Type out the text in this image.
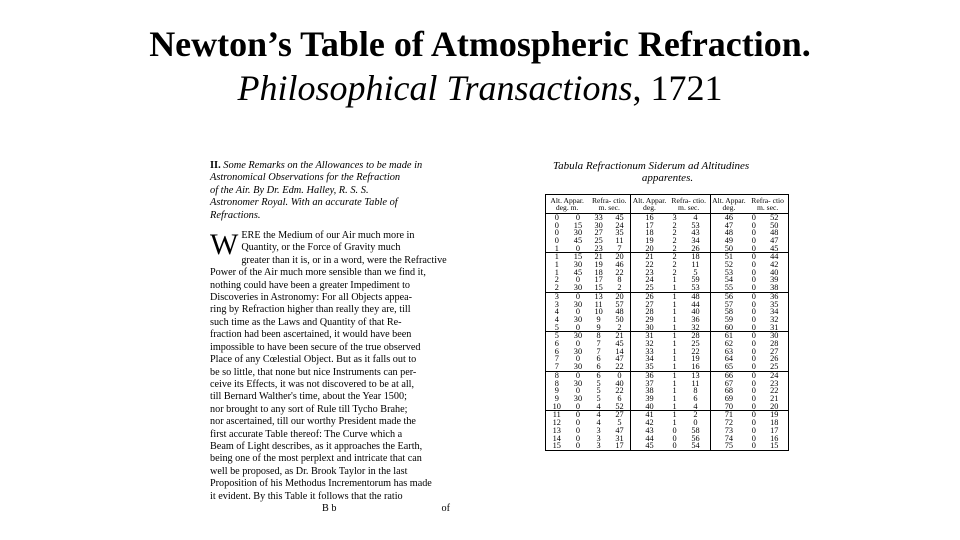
Newton’s Table of Atmospheric Refraction.
Philosophical Transactions, 1721
II. Some Remarks on the Allowances to be made in
Astronomical Observations for the Refraction
of the Air. By Dr. Edm. Halley, R. S. S.
Astronomer Royal. With an accurate Table of
Refractions.
W ERE the Medium of our Air much more in

Quantity, or the Force of Gravity much

greater than it is, or in a word, were the Refractive

Power of the Air much more sensible than we find it,

nothing could have been a greater Impediment to

Discoveries in Astronomy: For all Objects appea-

ring by Refraction higher than really they are, till

such time as the Laws and Quantity of that Re-

fraction had been ascertained, it would have been

impossible to have been secure of the true observed

Place of any Cœlestial Object. But as it falls out to

be so little, that none but nice Instruments can per-

ceive its Effects, it was not discovered to be at all,

till Bernard Walther's time, about the Year 1500;

nor brought to any sort of Rule till Tycho Brahe;

nor ascertained, till our worthy President made the

first accurate Table thereof: The Curve which a

Beam of Light describes, as it approaches the Earth,

being one of the most perplext and intricate that can

well be proposed, as Dr. Brook Taylor in the last

Proposition of his Methodus Incrementorum has made

it evident. By this Table it follows that the ratio

B b	of
Tabula Refractionum Siderum ad Altitudines
apparentes.
Alt. Appar. deg. m.		Refra- ctio. m. sec.		Alt. Appar. deg.	Refra- ctio. m. sec.		Alt. Appar. deg.	Refra- ctio m. sec.	
0	0	33	45	16	3	4	46	0	52
0	15	30	24	17	2	53	47	0	50
0	30	27	35	18	2	43	48	0	48
0	45	25	11	19	2	34	49	0	47
1	0	23	7	20	2	26	50	0	45
1	15	21	20	21	2	18	51	0	44
1	30	19	46	22	2	11	52	0	42
1	45	18	22	23	2	5	53	0	40
2	0	17	8	24	1	59	54	0	39
2	30	15	2	25	1	53	55	0	38
3	0	13	20	26	1	48	56	0	36
3	30	11	57	27	1	44	57	0	35
4	0	10	48	28	1	40	58	0	34
4	30	9	50	29	1	36	59	0	32
5	0	9	2	30	1	32	60	0	31
5	30	8	21	31	1	28	61	0	30
6	0	7	45	32	1	25	62	0	28
6	30	7	14	33	1	22	63	0	27
7	0	6	47	34	1	19	64	0	26
7	30	6	22	35	1	16	65	0	25
8	0	6	0	36	1	13	66	0	24
8	30	5	40	37	1	11	67	0	23
9	0	5	22	38	1	8	68	0	22
9	30	5	6	39	1	6	69	0	21
10	0	4	52	40	1	4	70	0	20
11	0	4	27	41	1	2	71	0	19
12	0	4	5	42	1	0	72	0	18
13	0	3	47	43	0	58	73	0	17
14	0	3	31	44	0	56	74	0	16
15	0	3	17	45	0	54	75	0	15
